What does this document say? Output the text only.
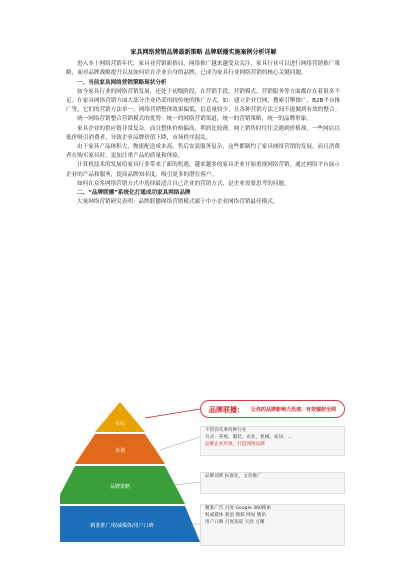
家具网络营销品牌最新策略 品牌联播实施案例分析详解
进入本十网络营销年代，家具业营销新格局，网络推广越来越受众关注，家具行业可以进行网络营销推广策略，面对品牌战略提升以及如何培育企业自身的品牌，已成为家具行业网络营销的核心关键问题。
一、当前家具网络营销策略现状分析
如今家具行业的网络营销发展，还处于初级阶段，在营销手段、营销模式、营销服务等方面都存在着很多不足。在家具网络营销方面大部分企业仍采用较传统的推广方式，如：建立企业官网、搜索引擎推广、B2B平台推广等，它们的营销方法单一，网络营销整体效果偏低，信息量较少，且各种营销方法之间不能做到有效的整合。
统一网络营销整合营销模式的优势：统一的网络营销渠道，统一的营销策略，统一的品牌形象。
家具企业的供应链非常复杂，而且整体价格偏高，利润比较薄，网上销售时往往会遇到价格战，一些网店以低价吸引消费者，导致企业品牌价值下降，市场秩序混乱。
由于家具产品体积大，物流配送成本高，售后安装服务复杂，这些都制约了家具网络营销的发展，而且消费者在购买家具时，更加注重产品的质量和体验。
计算机技术的发展给家具行业带来了新的机遇，越来越多的家具企业开始重视网络营销，通过网络平台展示企业的产品和服务，提高品牌知名度，吸引更多的潜在客户。
如何在众多网络营销方式中选择最适合自己企业的营销方式，是企业需要思考的问题。
二、“品牌联播”系统化打通成功家具网络品牌
大量网络营销研究表明：品牌联播网络营销模式属于中小企业网络营销最佳模式，
目标
企划
品牌策略
精准推广/权威媒体/用户口碑
品牌联播： 让你的品牌影响力迅速、有效辐射全网
不管你从事何种行业
方式：养殖、服装、农业、机械、家居、...
品牌企业形象，打造网络品牌
品牌词典 标准化，文章推广
精准广告 百度 Google 360搜索
权威媒体 新浪 搜狐 网易 腾讯
用户口碑 百度知道 天涯 豆瓣
